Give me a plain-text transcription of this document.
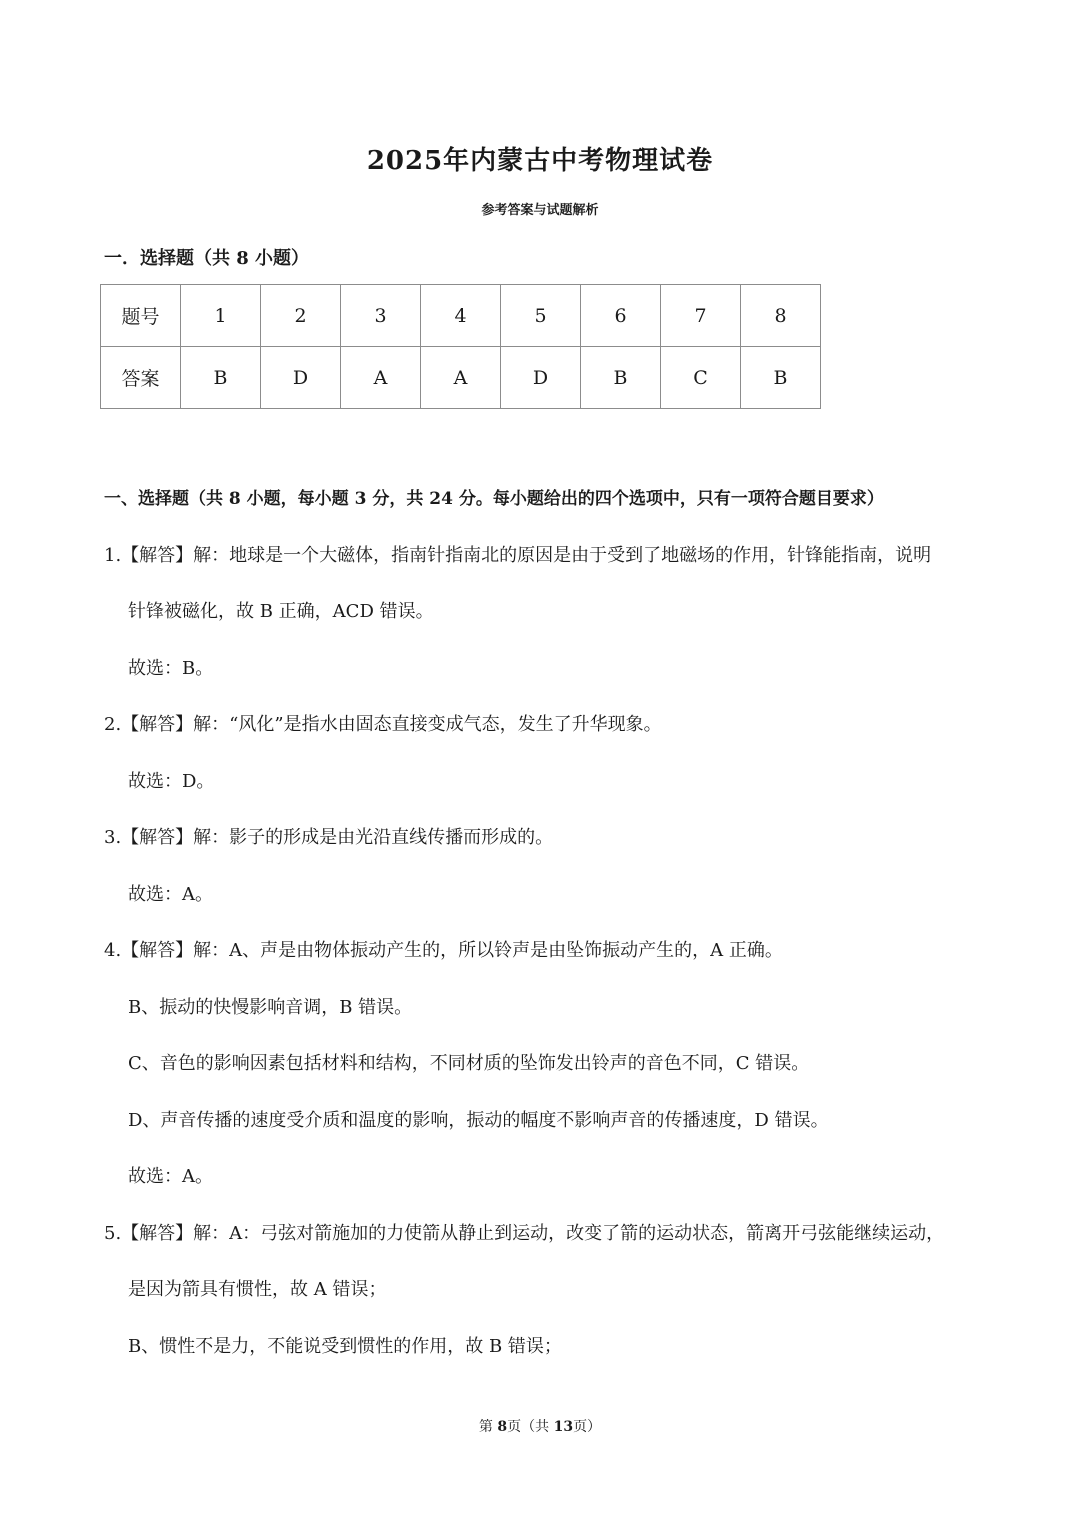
2025年内蒙古中考物理试卷
参考答案与试题解析
一．选择题（共 8 小题）
题号	1	2	3	4	5	6	7	8
答案	B	D	A	A	D	B	C	B
一、选择题（共 8 小题，每小题 3 分，共 24 分。每小题给出的四个选项中，只有一项符合题目要求）
1.【解答】解：地球是一个大磁体，指南针指南北的原因是由于受到了地磁场的作用，针锋能指南，说明
针锋被磁化，故 B 正确，ACD 错误。
故选：B。
2.【解答】解：“风化”是指水由固态直接变成气态，发生了升华现象。
故选：D。
3.【解答】解：影子的形成是由光沿直线传播而形成的。
故选：A。
4.【解答】解：A、声是由物体振动产生的，所以铃声是由坠饰振动产生的，A 正确。
B、振动的快慢影响音调，B 错误。
C、音色的影响因素包括材料和结构，不同材质的坠饰发出铃声的音色不同，C 错误。
D、声音传播的速度受介质和温度的影响，振动的幅度不影响声音的传播速度，D 错误。
故选：A。
5.【解答】解：A：弓弦对箭施加的力使箭从静止到运动，改变了箭的运动状态，箭离开弓弦能继续运动，
是因为箭具有惯性，故 A 错误；
B、惯性不是力，不能说受到惯性的作用，故 B 错误；
第 8页（共 13页）
